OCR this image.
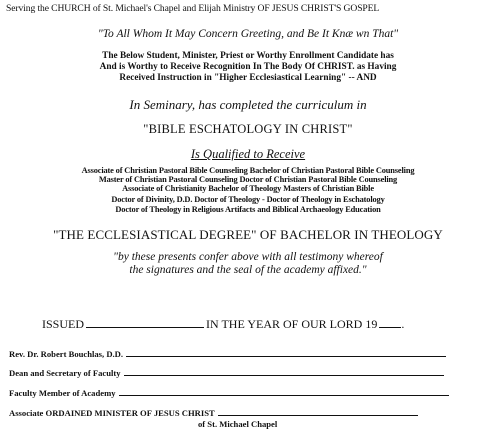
Serving the CHURCH of St. Michael's Chapel and Elijah Ministry OF JESUS CHRIST'S GOSPEL
"To All Whom It May Concern Greeting, and Be It Knæ wn That"
The Below Student, Minister, Priest or Worthy Enrollment Candidate has
And is Worthy to Receive Recognition In The Body Of CHRIST. as Having
Received Instruction in "Higher Ecclesiastical Learning" -- AND
In Seminary, has completed the curriculum in
"BIBLE ESCHATOLOGY IN CHRIST"
Is Qualified to Receive
Associate of Christian Pastoral Bible Counseling Bachelor of Christian Pastoral Bible Counseling
Master of Christian Pastoral Counseling Doctor of Christian Pastoral Bible Counseling
Associate of Christianity Bachelor of Theology Masters of Christian Bible
Doctor of Divinity, D.D. Doctor of Theology - Doctor of Theology in Eschatology
Doctor of Theology in Religious Artifacts and Biblical Archaeology Education
"THE ECCLESIASTICAL DEGREE" OF BACHELOR IN THEOLOGY
"by these presents confer above with all testimony whereof
the signatures and the seal of the academy affixed."
ISSUED	IN THE YEAR OF OUR LORD 19 .
Rev. Dr. Robert Bouchlas, D.D.
Dean and Secretary of Faculty
Faculty Member of Academy
Associate ORDAINED MINISTER OF JESUS CHRIST
of St. Michael Chapel
